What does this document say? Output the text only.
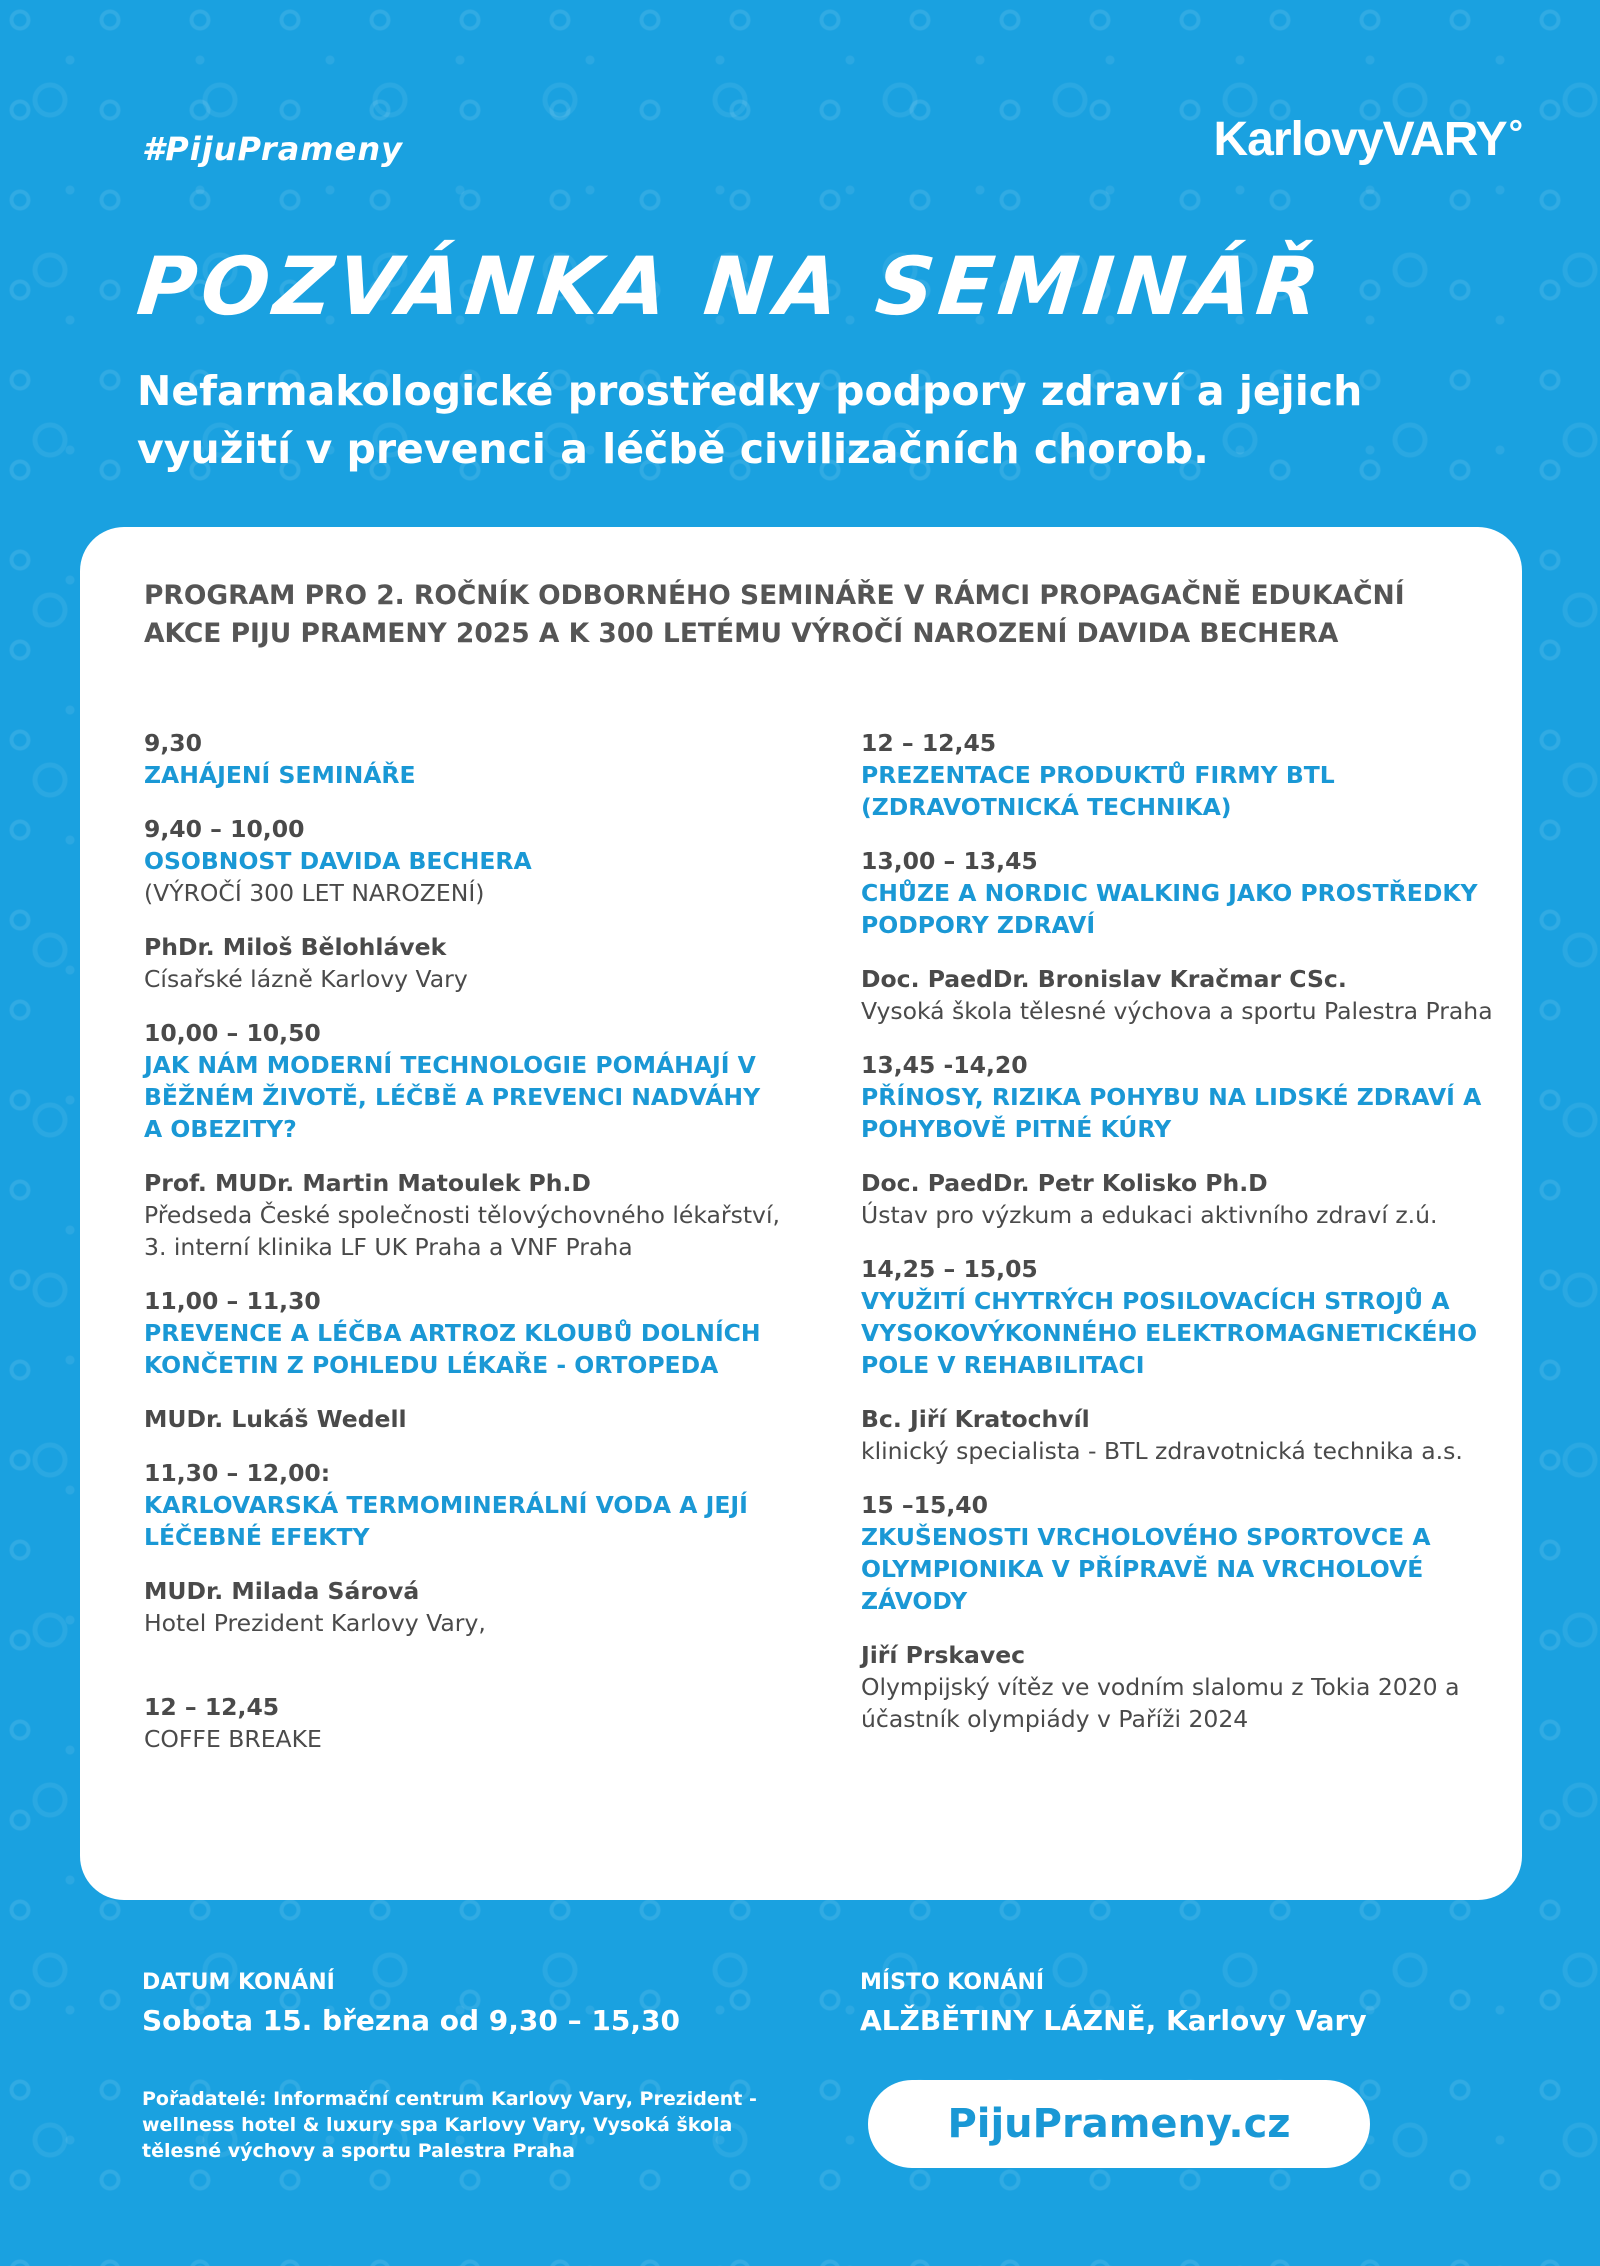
#PijuPrameny	KarlovyVARY°
POZVÁNKA NA SEMINÁŘ
Nefarmakologické prostředky podpory zdraví a jejich využití v prevenci a léčbě civilizačních chorob.
PROGRAM PRO 2. ROČNÍK ODBORNÉHO SEMINÁŘE V RÁMCI PROPAGAČNĚ EDUKAČNÍ AKCE PIJU PRAMENY 2025 A K 300 LETÉMU VÝROČÍ NAROZENÍ DAVIDA BECHERA
9,30
ZAHÁJENÍ SEMINÁŘE
9,40 – 10,00
OSOBNOST DAVIDA BECHERA
(VÝROČÍ 300 LET NAROZENÍ)
PhDr. Miloš Bělohlávek
Císařské lázně Karlovy Vary
10,00 – 10,50
JAK NÁM MODERNÍ TECHNOLOGIE POMÁHAJÍ V BĚŽNÉM ŽIVOTĚ, LÉČBĚ A PREVENCI NADVÁHY A OBEZITY?
Prof. MUDr. Martin Matoulek Ph.D
Předseda České společnosti tělovýchovného lékařství, 3. interní klinika LF UK Praha a VNF Praha
11,00 – 11,30
PREVENCE A LÉČBA ARTROZ KLOUBŮ DOLNÍCH KONČETIN Z POHLEDU LÉKAŘE - ORTOPEDA
MUDr. Lukáš Wedell
11,30 – 12,00:
KARLOVARSKÁ TERMOMINERÁLNÍ VODA A JEJÍ LÉČEBNÉ EFEKTY
MUDr. Milada Sárová
Hotel Prezident Karlovy Vary,
12 – 12,45
COFFE BREAKE
12 – 12,45
PREZENTACE PRODUKTŮ FIRMY BTL (ZDRAVOTNICKÁ TECHNIKA)
13,00 – 13,45
CHŮZE A NORDIC WALKING JAKO PROSTŘEDKY PODPORY ZDRAVÍ
Doc. PaedDr. Bronislav Kračmar CSc.
Vysoká škola tělesné výchova a sportu Palestra Praha
13,45 -14,20
PŘÍNOSY, RIZIKA POHYBU NA LIDSKÉ ZDRAVÍ A POHYBOVĚ PITNÉ KÚRY
Doc. PaedDr. Petr Kolisko Ph.D
Ústav pro výzkum a edukaci aktivního zdraví z.ú.
14,25 – 15,05
VYUŽITÍ CHYTRÝCH POSILOVACÍCH STROJŮ A VYSOKOVÝKONNÉHO ELEKTROMAGNETICKÉHO POLE V REHABILITACI
Bc. Jiří Kratochvíl
klinický specialista - BTL zdravotnická technika a.s.
15 –15,40
ZKUŠENOSTI VRCHOLOVÉHO SPORTOVCE A OLYMPIONIKA V PŘÍPRAVĚ NA VRCHOLOVÉ ZÁVODY
Jiří Prskavec
Olympijský vítěz ve vodním slalomu z Tokia 2020 a účastník olympiády v Paříži 2024
DATUM KONÁNÍ
Sobota 15. března od 9,30 – 15,30
MÍSTO KONÁNÍ
ALŽBĚTINY LÁZNĚ, Karlovy Vary
Pořadatelé: Informační centrum Karlovy Vary, Prezident - wellness hotel & luxury spa Karlovy Vary, Vysoká škola tělesné výchovy a sportu Palestra Praha
PijuPrameny.cz
